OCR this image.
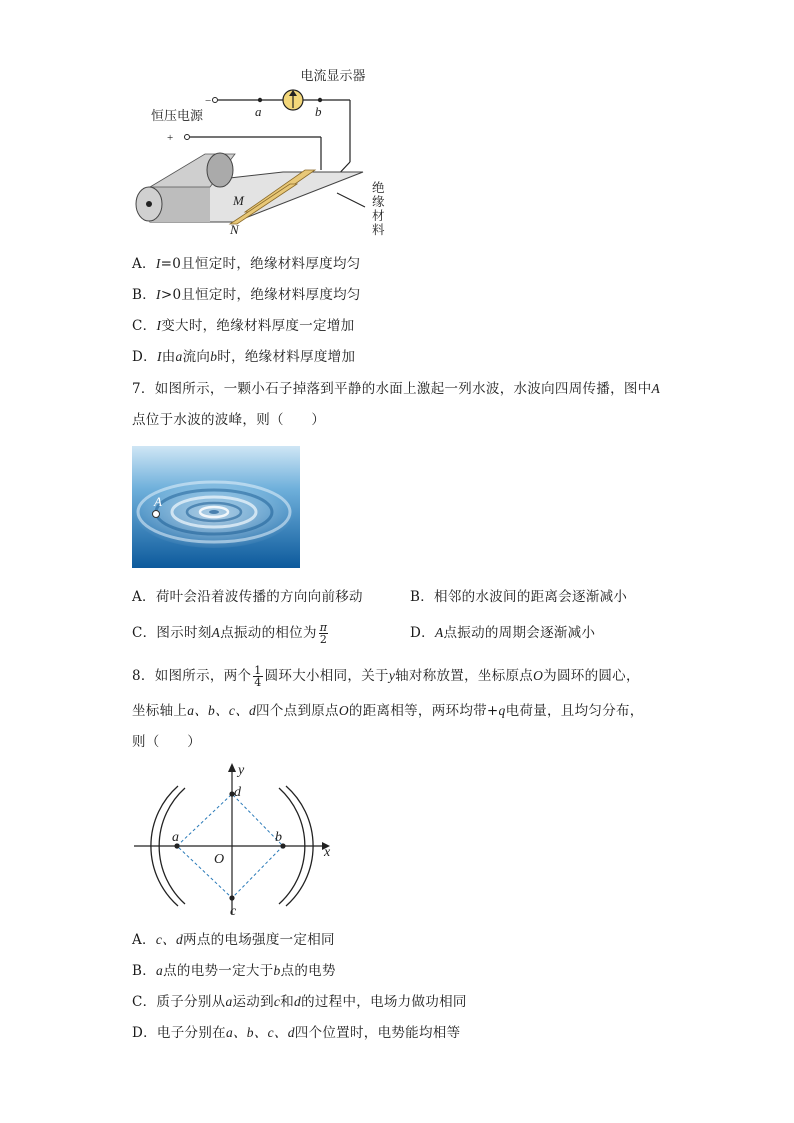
电流显示器
恒压电源
−
+
a	b
M
N
绝
缘
材
料
A．I=0且恒定时，绝缘材料厚度均匀
B．I>0且恒定时，绝缘材料厚度均匀
C．I变大时，绝缘材料厚度一定增加
D．I由a流向b时，绝缘材料厚度增加
7．如图所示，一颗小石子掉落到平静的水面上激起一列水波，水波向四周传播，图中A
点位于水波的波峰，则（　　）
A
A．荷叶会沿着波传播的方向向前移动	B．相邻的水波间的距离会逐渐减小
C．图示时刻A点振动的相位为 $\frac{\pi}{2}$	D．A点振动的周期会逐渐减小
8．如图所示，两个 $\frac{1}{4}$ 圆环大小相同，关于y轴对称放置，坐标原点O为圆环的圆心，
坐标轴上a、b、c、d四个点到原点O的距离相等，两环均带+q电荷量，且均匀分布，
则（　　）
y
x
a	b
c
d
O
A．c、d两点的电场强度一定相同
B．a点的电势一定大于b点的电势
C．质子分别从a运动到c和d的过程中，电场力做功相同
D．电子分别在a、b、c、d四个位置时，电势能均相等
